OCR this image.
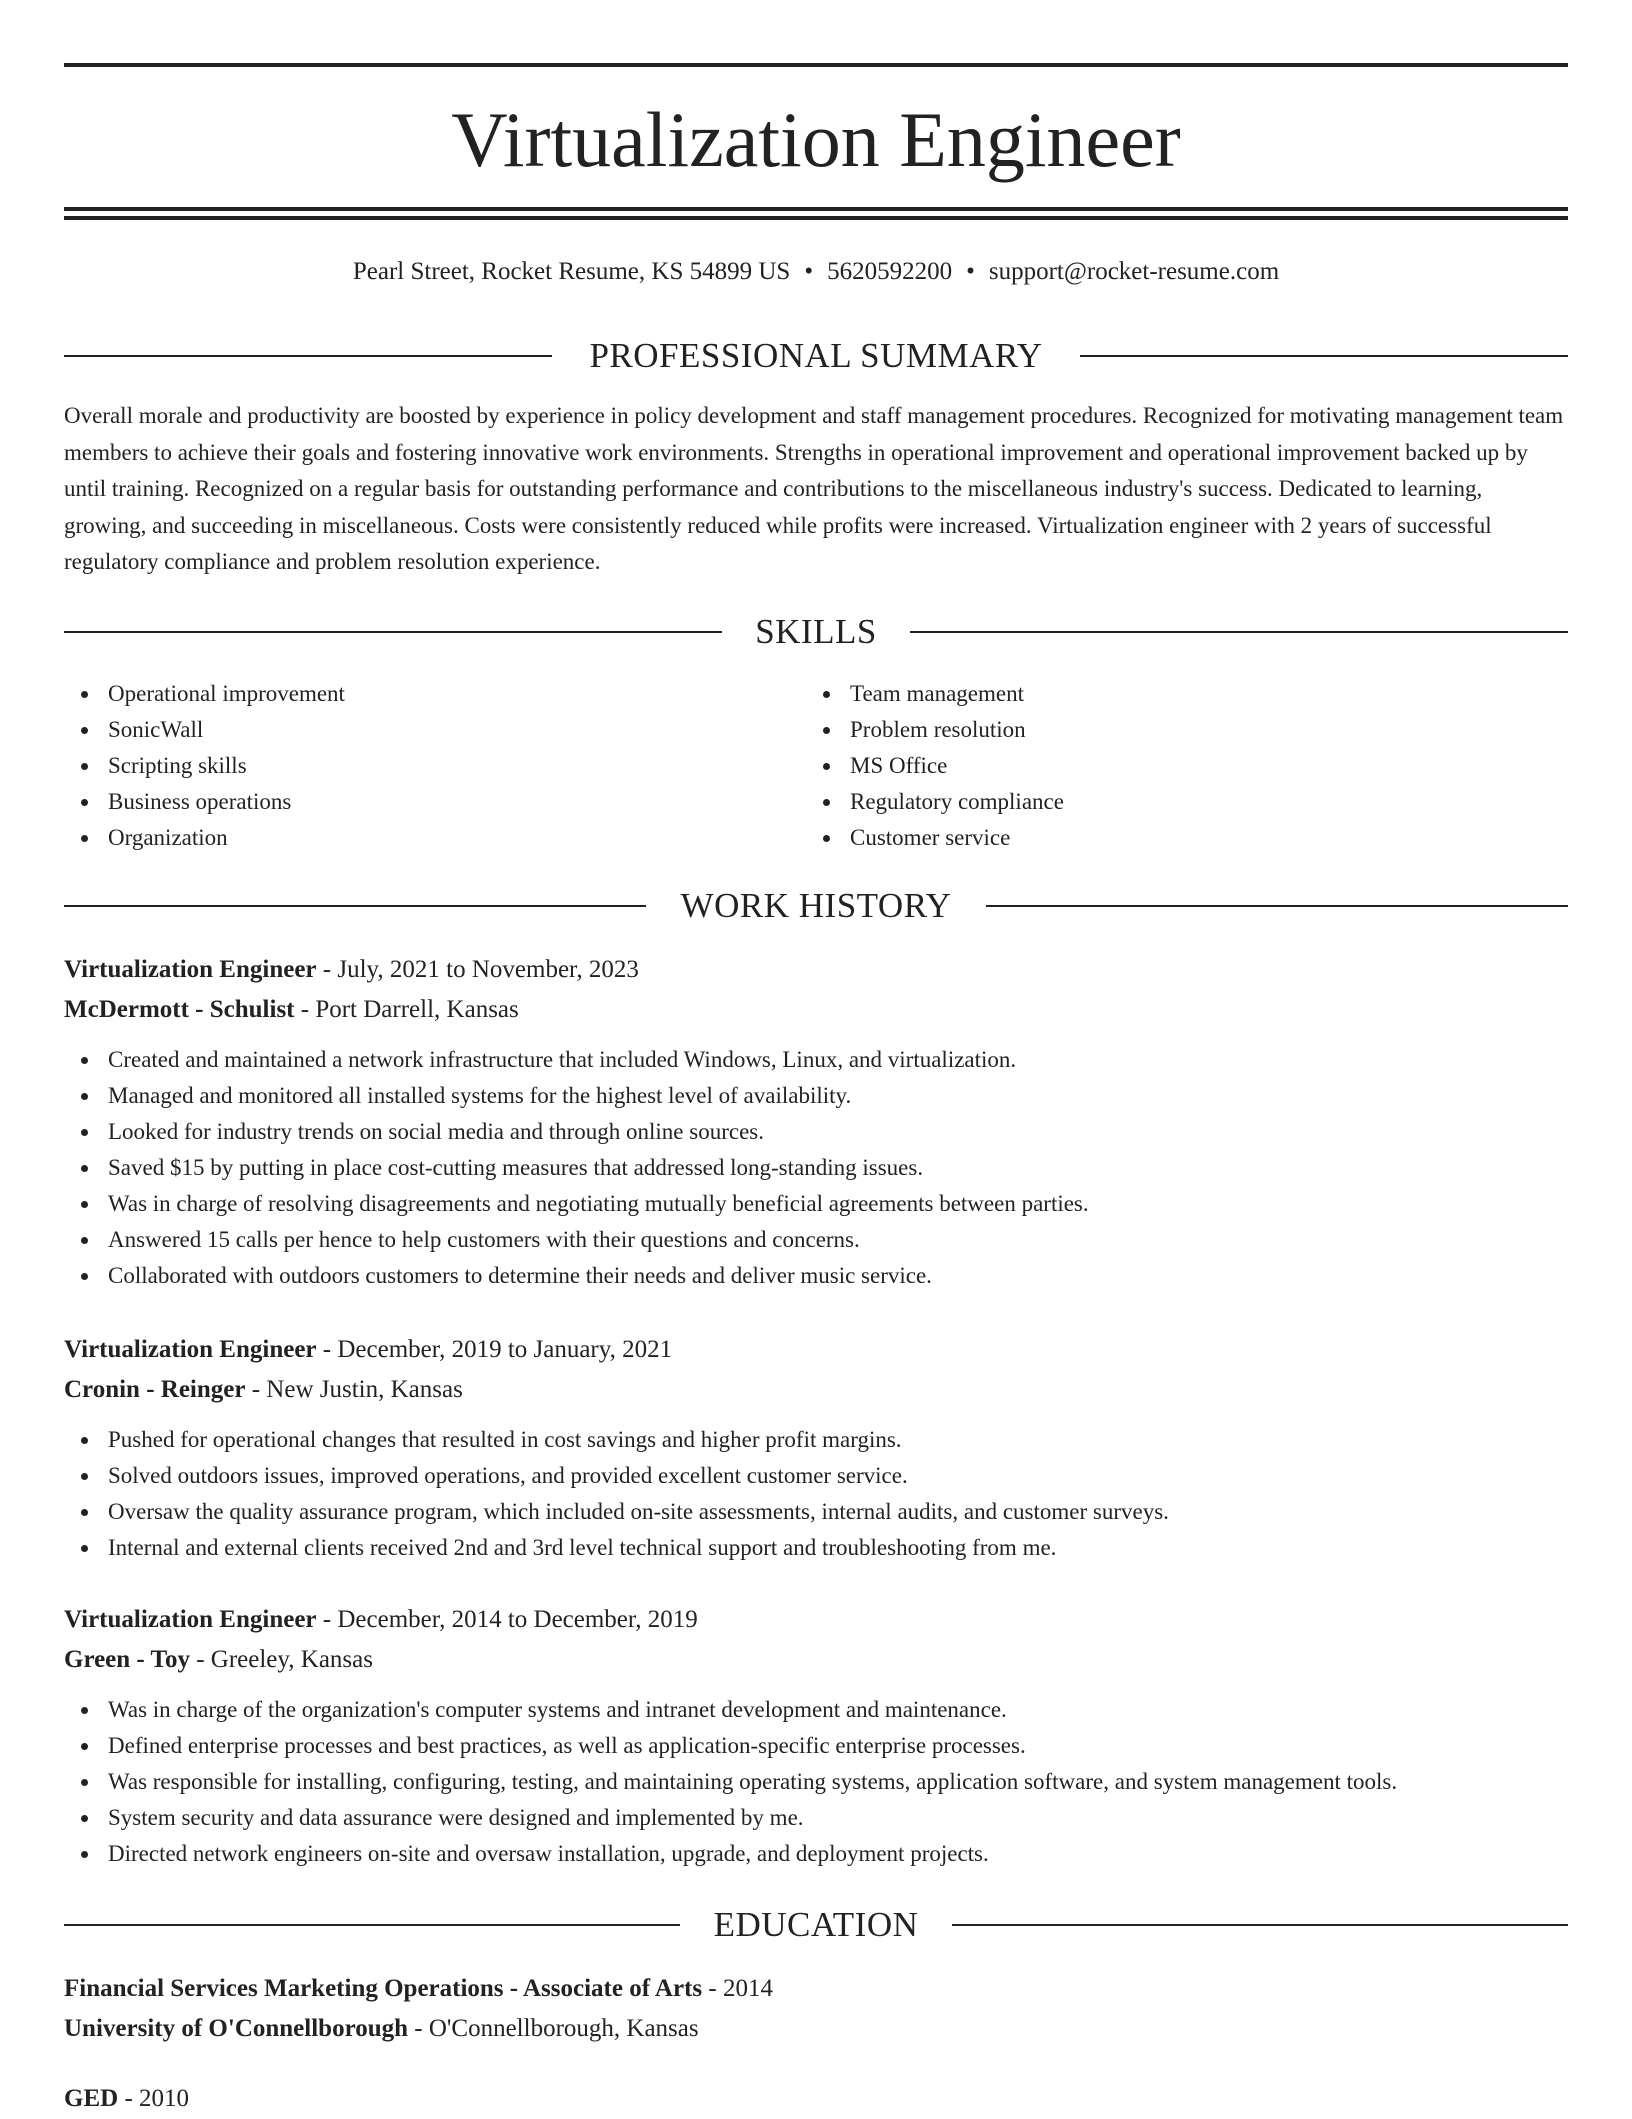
Virtualization Engineer
Pearl Street, Rocket Resume, KS 54899 US • 5620592200 • support@rocket-resume.com
PROFESSIONAL SUMMARY

Overall morale and productivity are boosted by experience in policy development and staff management procedures. Recognized for motivating management team members to achieve their goals and fostering innovative work environments. Strengths in operational improvement and operational improvement backed up by until training. Recognized on a regular basis for outstanding performance and contributions to the miscellaneous industry's success. Dedicated to learning, growing, and succeeding in miscellaneous. Costs were consistently reduced while profits were increased. Virtualization engineer with 2 years of successful regulatory compliance and problem resolution experience.

SKILLS
Operational improvement
SonicWall
Scripting skills
Business operations
Organization
Team management
Problem resolution
MS Office
Regulatory compliance
Customer service
WORK HISTORY
Virtualization Engineer - July, 2021 to November, 2023
McDermott - Schulist - Port Darrell, Kansas
Created and maintained a network infrastructure that included Windows, Linux, and virtualization.
Managed and monitored all installed systems for the highest level of availability.
Looked for industry trends on social media and through online sources.
Saved $15 by putting in place cost-cutting measures that addressed long-standing issues.
Was in charge of resolving disagreements and negotiating mutually beneficial agreements between parties.
Answered 15 calls per hence to help customers with their questions and concerns.
Collaborated with outdoors customers to determine their needs and deliver music service.
Virtualization Engineer - December, 2019 to January, 2021
Cronin - Reinger - New Justin, Kansas
Pushed for operational changes that resulted in cost savings and higher profit margins.
Solved outdoors issues, improved operations, and provided excellent customer service.
Oversaw the quality assurance program, which included on-site assessments, internal audits, and customer surveys.
Internal and external clients received 2nd and 3rd level technical support and troubleshooting from me.
Virtualization Engineer - December, 2014 to December, 2019
Green - Toy - Greeley, Kansas
Was in charge of the organization's computer systems and intranet development and maintenance.
Defined enterprise processes and best practices, as well as application-specific enterprise processes.
Was responsible for installing, configuring, testing, and maintaining operating systems, application software, and system management tools.
System security and data assurance were designed and implemented by me.
Directed network engineers on-site and oversaw installation, upgrade, and deployment projects.
EDUCATION
Financial Services Marketing Operations - Associate of Arts - 2014
University of O'Connellborough - O'Connellborough, Kansas
GED - 2010
